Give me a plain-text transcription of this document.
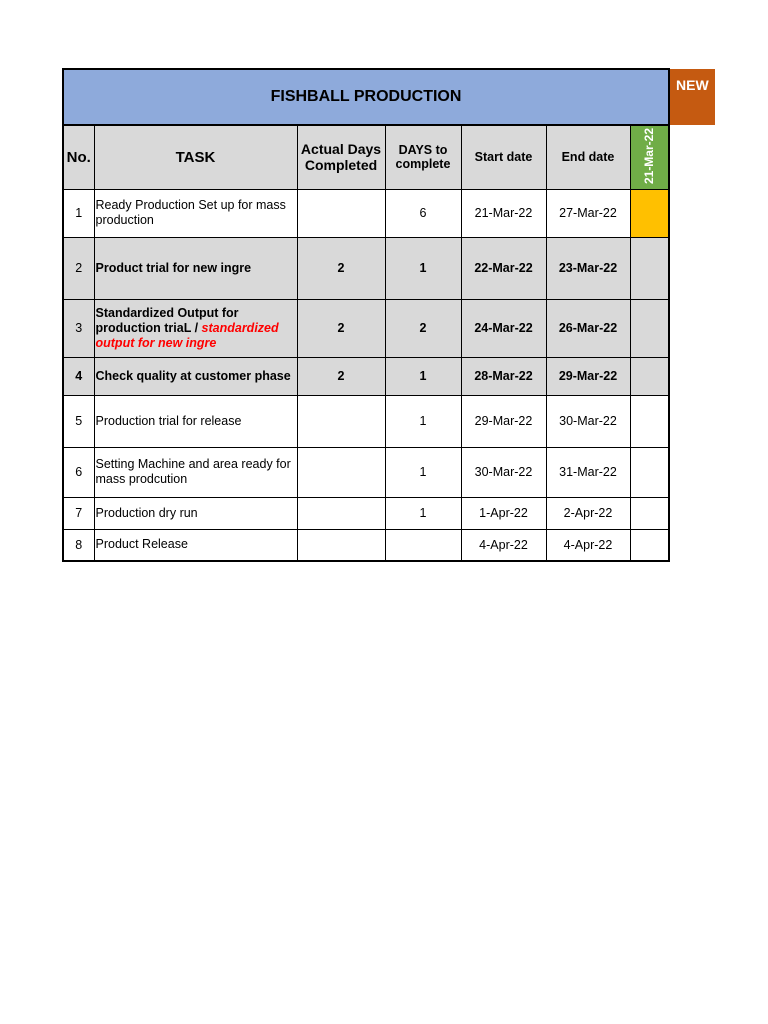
FISHBALL PRODUCTION							NEW
No.	TASK	Actual Days Completed	DAYS to complete	Start date	End date	21-Mar-22	
1	Ready Production Set up for mass production		6	21-Mar-22	27-Mar-22		
2	Product trial for new ingre	2	1	22-Mar-22	23-Mar-22		
3	Standardized Output for production triaL / standardized output for new ingre	2	2	24-Mar-22	26-Mar-22		
4	Check quality at customer phase	2	1	28-Mar-22	29-Mar-22		
5	Production trial for release		1	29-Mar-22	30-Mar-22		
6	Setting Machine and area ready for mass prodcution		1	30-Mar-22	31-Mar-22		
7	Production dry run		1	1-Apr-22	2-Apr-22		
8	Product Release			4-Apr-22	4-Apr-22		
